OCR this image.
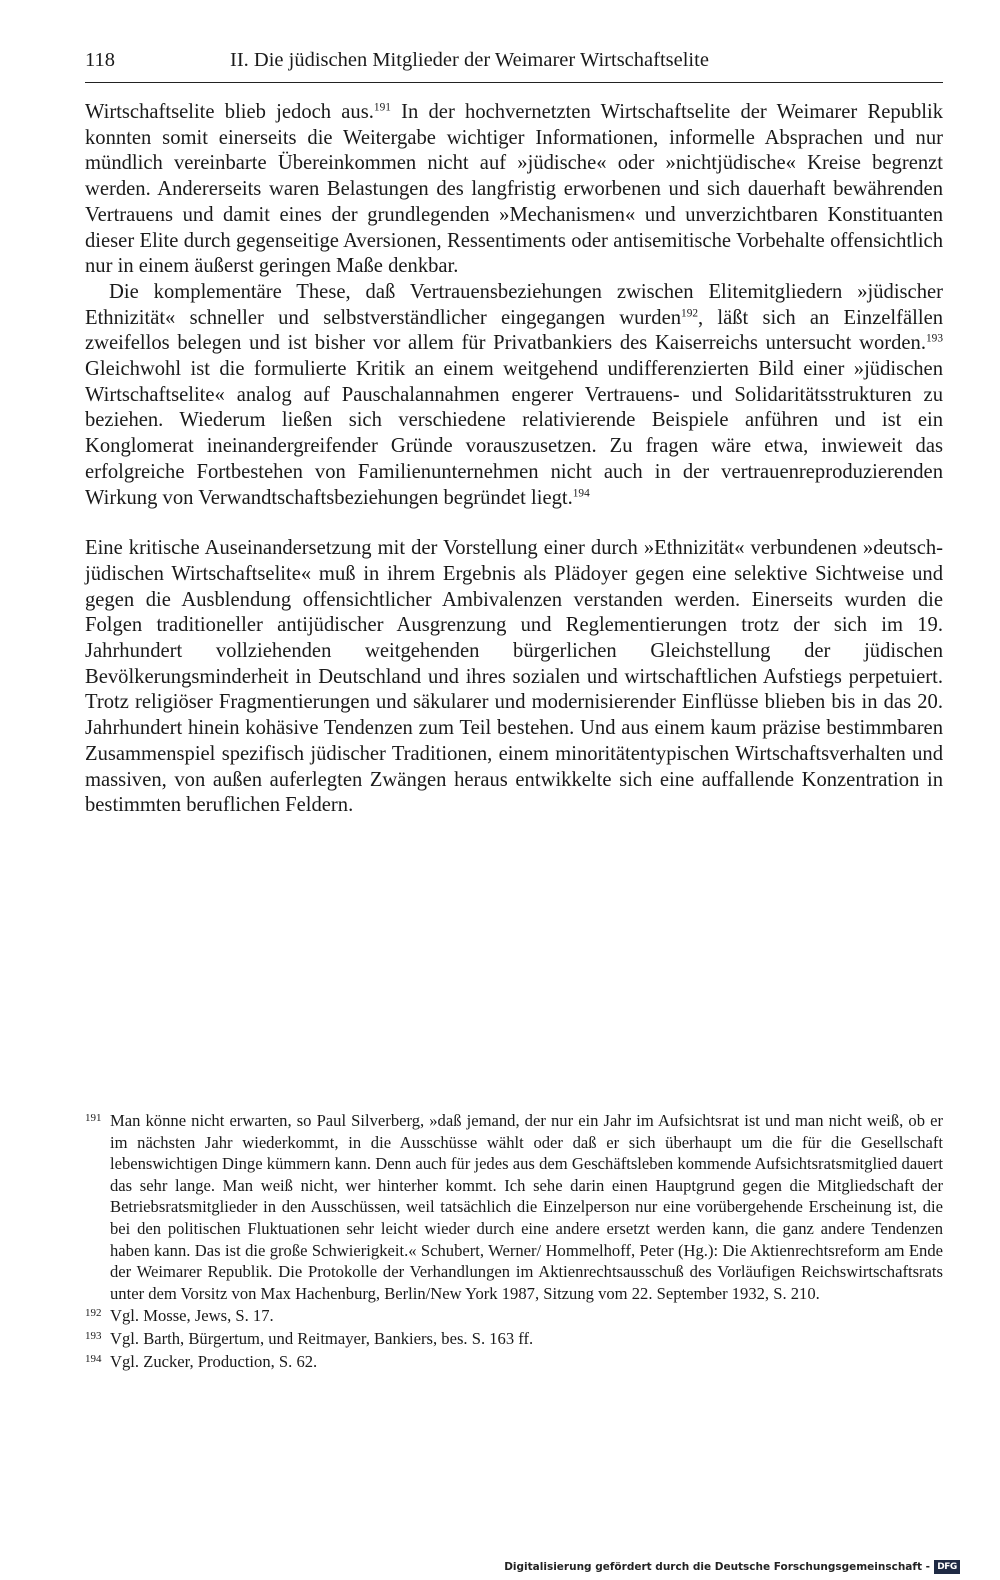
118	II. Die jüdischen Mitglieder der Weimarer Wirtschaftselite

Wirtschaftselite blieb jedoch aus.$^{191}$ In der hochvernetzten Wirtschaftselite der Weimarer Republik konnten somit einerseits die Weitergabe wichtiger Informationen, informelle Absprachen und nur mündlich vereinbarte Übereinkommen nicht auf »jüdische« oder »nichtjüdische« Kreise begrenzt werden. Andererseits waren Belastungen des langfristig erworbenen und sich dauerhaft bewährenden Vertrauens und damit eines der grundlegenden »Mechanismen« und unverzichtbaren Konstituanten dieser Elite durch gegenseitige Aversionen, Ressentiments oder antisemitische Vorbehalte offensichtlich nur in einem äußerst geringen Maße denkbar.

Die komplementäre These, daß Vertrauensbeziehungen zwischen Elitemitgliedern »jüdischer Ethnizität« schneller und selbstverständlicher eingegangen wurden$^{192}$, läßt sich an Einzelfällen zweifellos belegen und ist bisher vor allem für Privatbankiers des Kaiserreichs untersucht worden.$^{193}$ Gleichwohl ist die formulierte Kritik an einem weitgehend undifferenzierten Bild einer »jüdischen Wirtschaftselite« analog auf Pauschalannahmen engerer Vertrauens- und Solidaritätsstrukturen zu beziehen. Wiederum ließen sich verschiedene relativierende Beispiele anführen und ist ein Konglomerat ineinandergreifender Gründe vorauszusetzen. Zu fragen wäre etwa, inwieweit das erfolgreiche Fortbestehen von Familienunternehmen nicht auch in der vertrauenreproduzierenden Wirkung von Verwandtschaftsbeziehungen begründet liegt.$^{194}$

Eine kritische Auseinandersetzung mit der Vorstellung einer durch »Ethnizität« verbundenen »deutsch-jüdischen Wirtschaftselite« muß in ihrem Ergebnis als Plädoyer gegen eine selektive Sichtweise und gegen die Ausblendung offensichtlicher Ambivalenzen verstanden werden. Einerseits wurden die Folgen traditioneller antijüdischer Ausgrenzung und Reglementierungen trotz der sich im 19. Jahrhundert vollziehenden weitgehenden bürgerlichen Gleichstellung der jüdischen Bevölkerungsminderheit in Deutschland und ihres sozialen und wirtschaftlichen Aufstiegs perpetuiert. Trotz religiöser Fragmentierungen und säkularer und modernisierender Einflüsse blieben bis in das 20. Jahrhundert hinein kohäsive Tendenzen zum Teil bestehen. Und aus einem kaum präzise bestimmbaren Zusammenspiel spezifisch jüdischer Traditionen, einem minoritätentypischen Wirtschaftsverhalten und massiven, von außen auferlegten Zwängen heraus entwikkelte sich eine auffallende Konzentration in bestimmten beruflichen Feldern.

191 Man könne nicht erwarten, so Paul Silverberg, »daß jemand, der nur ein Jahr im Aufsichtsrat ist und man nicht weiß, ob er im nächsten Jahr wiederkommt, in die Ausschüsse wählt oder daß er sich überhaupt um die für die Gesellschaft lebenswichtigen Dinge kümmern kann. Denn auch für jedes aus dem Geschäftsleben kommende Aufsichtsratsmitglied dauert das sehr lange. Man weiß nicht, wer hinterher kommt. Ich sehe darin einen Hauptgrund gegen die Mitgliedschaft der Betriebsratsmitglieder in den Ausschüssen, weil tatsächlich die Einzelperson nur eine vorübergehende Erscheinung ist, die bei den politischen Fluktuationen sehr leicht wieder durch eine andere ersetzt werden kann, die ganz andere Tendenzen haben kann. Das ist die große Schwierigkeit.« Schubert, Werner/ Hommelhoff, Peter (Hg.): Die Aktienrechtsreform am Ende der Weimarer Republik. Die Protokolle der Verhandlungen im Aktienrechtsausschuß des Vorläufigen Reichswirtschaftsrats unter dem Vorsitz von Max Hachenburg, Berlin/New York 1987, Sitzung vom 22. September 1932, S. 210.
192 Vgl. Mosse, Jews, S. 17.
193 Vgl. Barth, Bürgertum, und Reitmayer, Bankiers, bes. S. 163 ff.
194 Vgl. Zucker, Production, S. 62.
Digitalisierung gefördert durch die Deutsche Forschungsgemeinschaft - DFG
